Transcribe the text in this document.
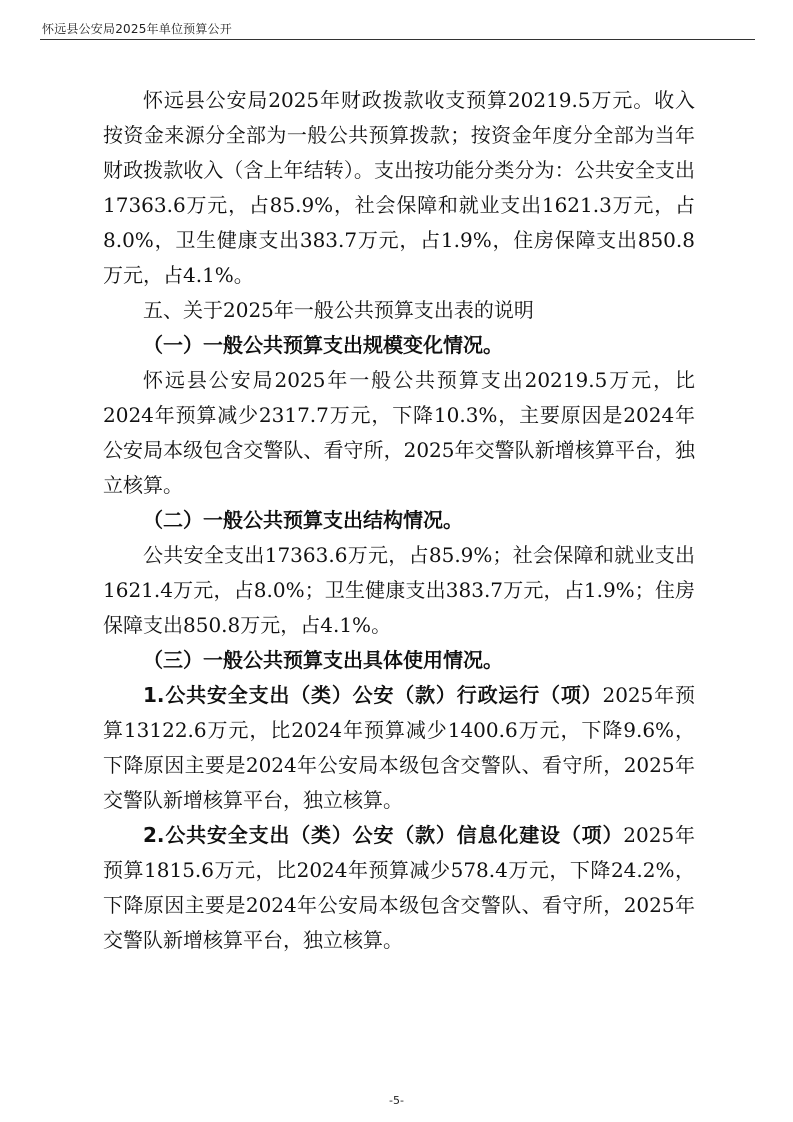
怀远县公安局2025年单位预算公开

怀远县公安局2025年财政拨款收支预算20219.5万元。收入按资金来源分全部为一般公共预算拨款；按资金年度分全部为当年财政拨款收入（含上年结转）。支出按功能分类分为：公共安全支出17363.6万元，占85.9%，社会保障和就业支出1621.3万元，占8.0%，卫生健康支出383.7万元，占1.9%，住房保障支出850.8万元，占4.1%。

五、关于2025年一般公共预算支出表的说明

（一）一般公共预算支出规模变化情况。

怀远县公安局2025年一般公共预算支出20219.5万元，比2024年预算减少2317.7万元，下降10.3%，主要原因是2024年公安局本级包含交警队、看守所，2025年交警队新增核算平台，独立核算。

（二）一般公共预算支出结构情况。

公共安全支出17363.6万元，占85.9%；社会保障和就业支出1621.4万元，占8.0%；卫生健康支出383.7万元，占1.9%；住房保障支出850.8万元，占4.1%。

（三）一般公共预算支出具体使用情况。

1.公共安全支出（类）公安（款）行政运行（项）2025年预算13122.6万元，比2024年预算减少1400.6万元，下降9.6%，下降原因主要是2024年公安局本级包含交警队、看守所，2025年交警队新增核算平台，独立核算。

2.公共安全支出（类）公安（款）信息化建设（项）2025年预算1815.6万元，比2024年预算减少578.4万元，下降24.2%，下降原因主要是2024年公安局本级包含交警队、看守所，2025年交警队新增核算平台，独立核算。

-5-
